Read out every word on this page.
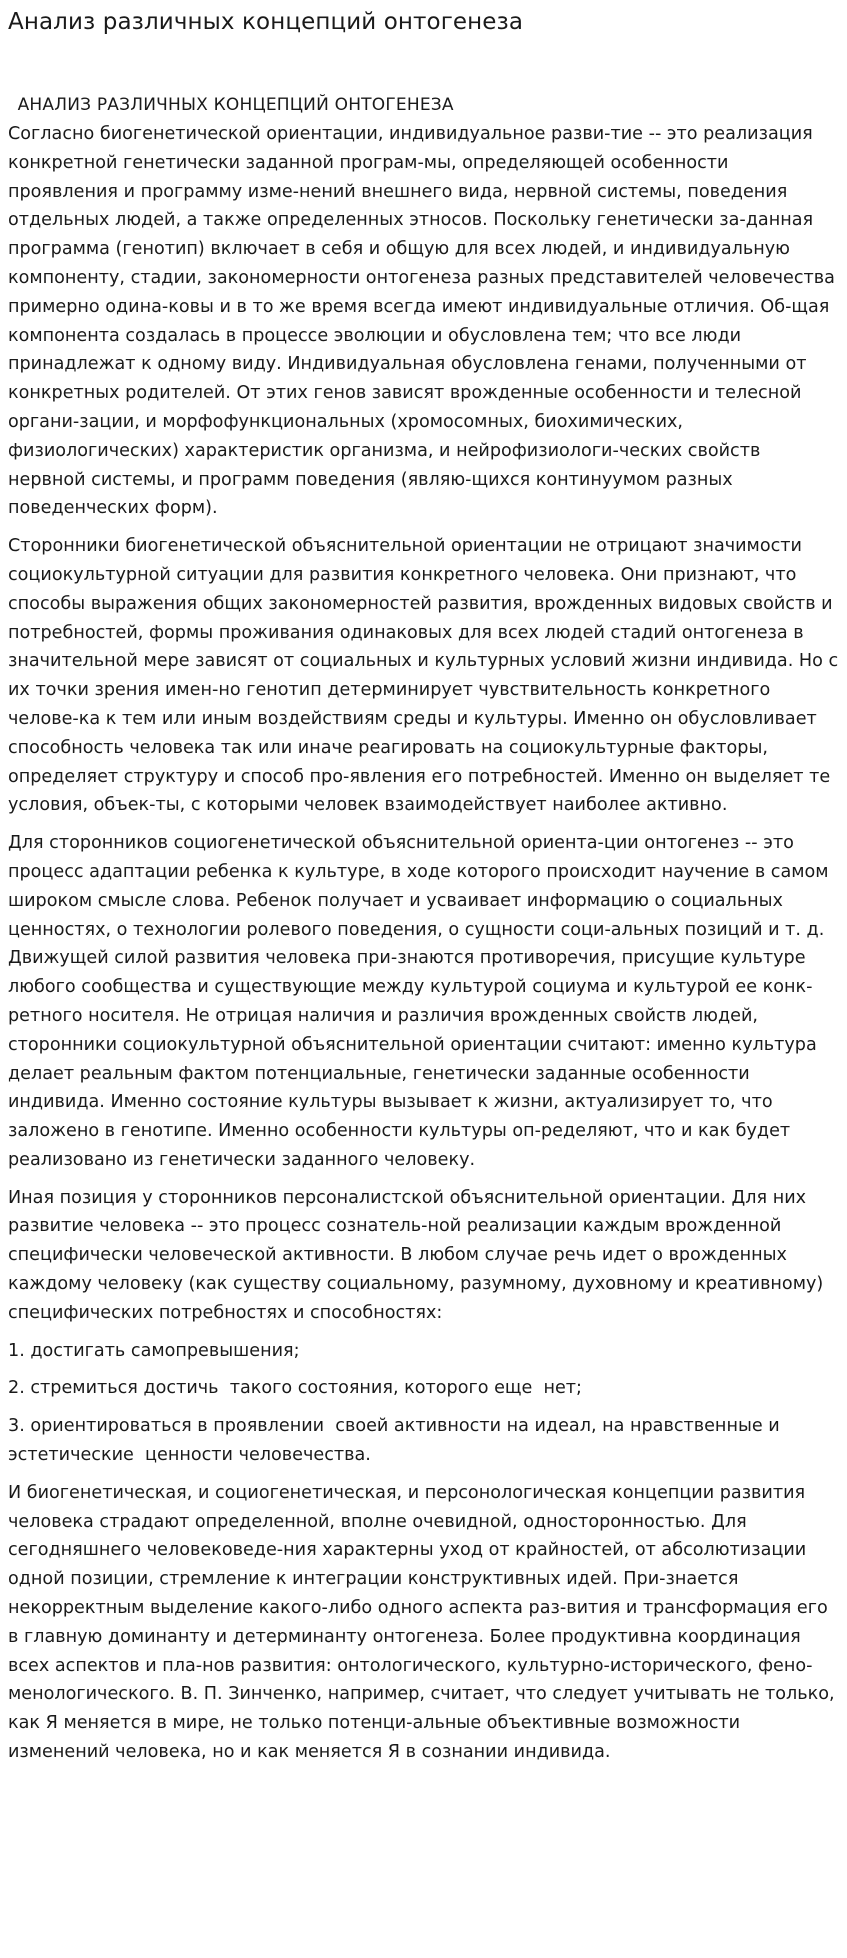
Анализ различных концепций онтогенеза
АНАЛИЗ РАЗЛИЧНЫХ КОНЦЕПЦИЙ ОНТОГЕНЕЗА

Согласно биогенетической ориентации, индивидуальное разви-тие -- это реализация конкретной генетически заданной програм-мы, определяющей особенности проявления и программу изме-нений внешнего вида, нервной системы, поведения отдельных людей, а также определенных этносов. Поскольку генетически за-данная программа (генотип) включает в себя и общую для всех людей, и индивидуальную компоненту, стадии, закономерности онтогенеза разных представителей человечества примерно одина-ковы и в то же время всегда имеют индивидуальные отличия. Об-щая компонента создалась в процессе эволюции и обусловлена тем; что все люди принадлежат к одному виду. Индивидуальная обусловлена генами, полученными от конкретных родителей. От этих генов зависят врожденные особенности и телесной органи-зации, и морфофункциональных (хромосомных, биохимических, физиологических) характеристик организма, и нейрофизиологи-ческих свойств нервной системы, и программ поведения (являю-щихся континуумом разных поведенческих форм).

Сторонники биогенетической объяснительной ориентации не отрицают значимости социокультурной ситуации для развития конкретного человека. Они признают, что способы выражения общих закономерностей развития, врожденных видовых свойств и потребностей, формы проживания одинаковых для всех людей стадий онтогенеза в значительной мере зависят от социальных и культурных условий жизни индивида. Но с их точки зрения имен-но генотип детерминирует чувствительность конкретного челове-ка к тем или иным воздействиям среды и культуры. Именно он обусловливает способность человека так или иначе реагировать на социокультурные факторы, определяет структуру и способ про-явления его потребностей. Именно он выделяет те условия, объек-ты, с которыми человек взаимодействует наиболее активно.

Для сторонников социогенетической объяснительной ориента-ции онтогенез -- это процесс адаптации ребенка к культуре, в ходе которого происходит научение в самом широком смысле слова. Ребенок получает и усваивает информацию о социальных ценностях, о технологии ролевого поведения, о сущности соци-альных позиций и т. д. Движущей силой развития человека при-знаются противоречия, присущие культуре любого сообщества и существующие между культурой социума и культурой ее конк-ретного носителя. Не отрицая наличия и различия врожденных свойств людей, сторонники социокультурной объяснительной ориентации считают: именно культура делает реальным фактом потенциальные, генетически заданные особенности индивида. Именно состояние культуры вызывает к жизни, актуализирует то, что заложено в генотипе. Именно особенности культуры оп-ределяют, что и как будет реализовано из генетически заданного человеку.

Иная позиция у сторонников персоналистской объяснительной ориентации. Для них развитие человека -- это процесс сознатель-ной реализации каждым врожденной специфически человеческой активности. В любом случае речь идет о врожденных каждому человеку (как существу социальному, разумному, духовному и креативному) специфических потребностях и способностях:

1. достигать самопревышения;

2. стремиться достичь  такого состояния, которого еще  нет;

3. ориентироваться в проявлении  своей активности на идеал, на нравственные и эстетические  ценности человечества.

И биогенетическая, и социогенетическая, и персонологическая концепции развития человека страдают определенной, вполне очевидной, односторонностью. Для сегодняшнего человековеде-ния характерны уход от крайностей, от абсолютизации одной позиции, стремление к интеграции конструктивных идей. При-знается некорректным выделение какого-либо одного аспекта раз-вития и трансформация его в главную доминанту и детерминанту онтогенеза. Более продуктивна координация всех аспектов и пла-нов развития: онтологического, культурно-исторического, фено-менологического. В. П. Зинченко, например, считает, что следует учитывать не только, как Я меняется в мире, не только потенци-альные объективные возможности изменений человека, но и как меняется Я в сознании индивида.
